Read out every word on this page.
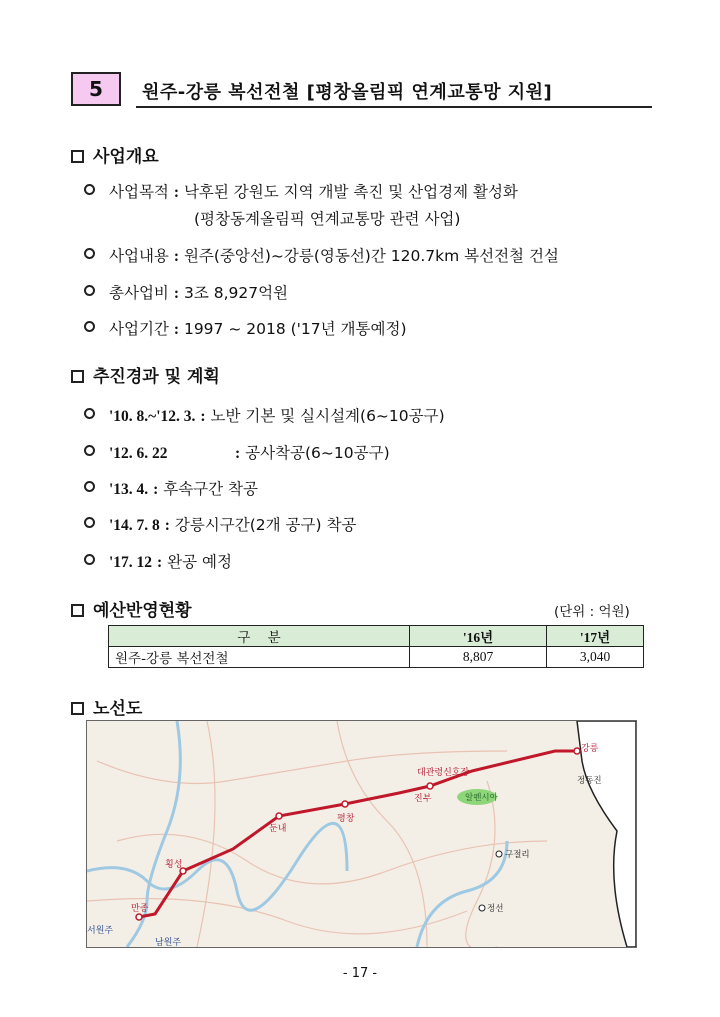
5	원주-강릉 복선전철 [평창올림픽 연계교통망 지원]
사업개요
사업목적 : 낙후된 강원도 지역 개발 촉진 및 산업경제 활성화
(평창동계올림픽 연계교통망 관련 사업)
사업내용 : 원주(중앙선)~강릉(영동선)간 120.7km 복선전철 건설
총사업비 : 3조 8,927억원
사업기간 : 1997 ~ 2018 ('17년 개통예정)
추진경과 및 계획
'10. 8.~'12. 3. : 노반 기본 및 실시설계(6~10공구)
'12. 6. 22	: 공사착공(6~10공구)
'13. 4. : 후속구간 착공
'14. 7. 8 : 강릉시구간(2개 공구) 착공
'17. 12 : 완공 예정
예산반영현황	(단위 : 억원)
구    분	'16년	'17년
원주-강릉 복선전철	8,807	3,040
노선도
강릉
대관령신호장
진부
평창
둔내
횡성
만종
서원주
남원주
정동진
구절리
정선
알펜시아
- 17 -
